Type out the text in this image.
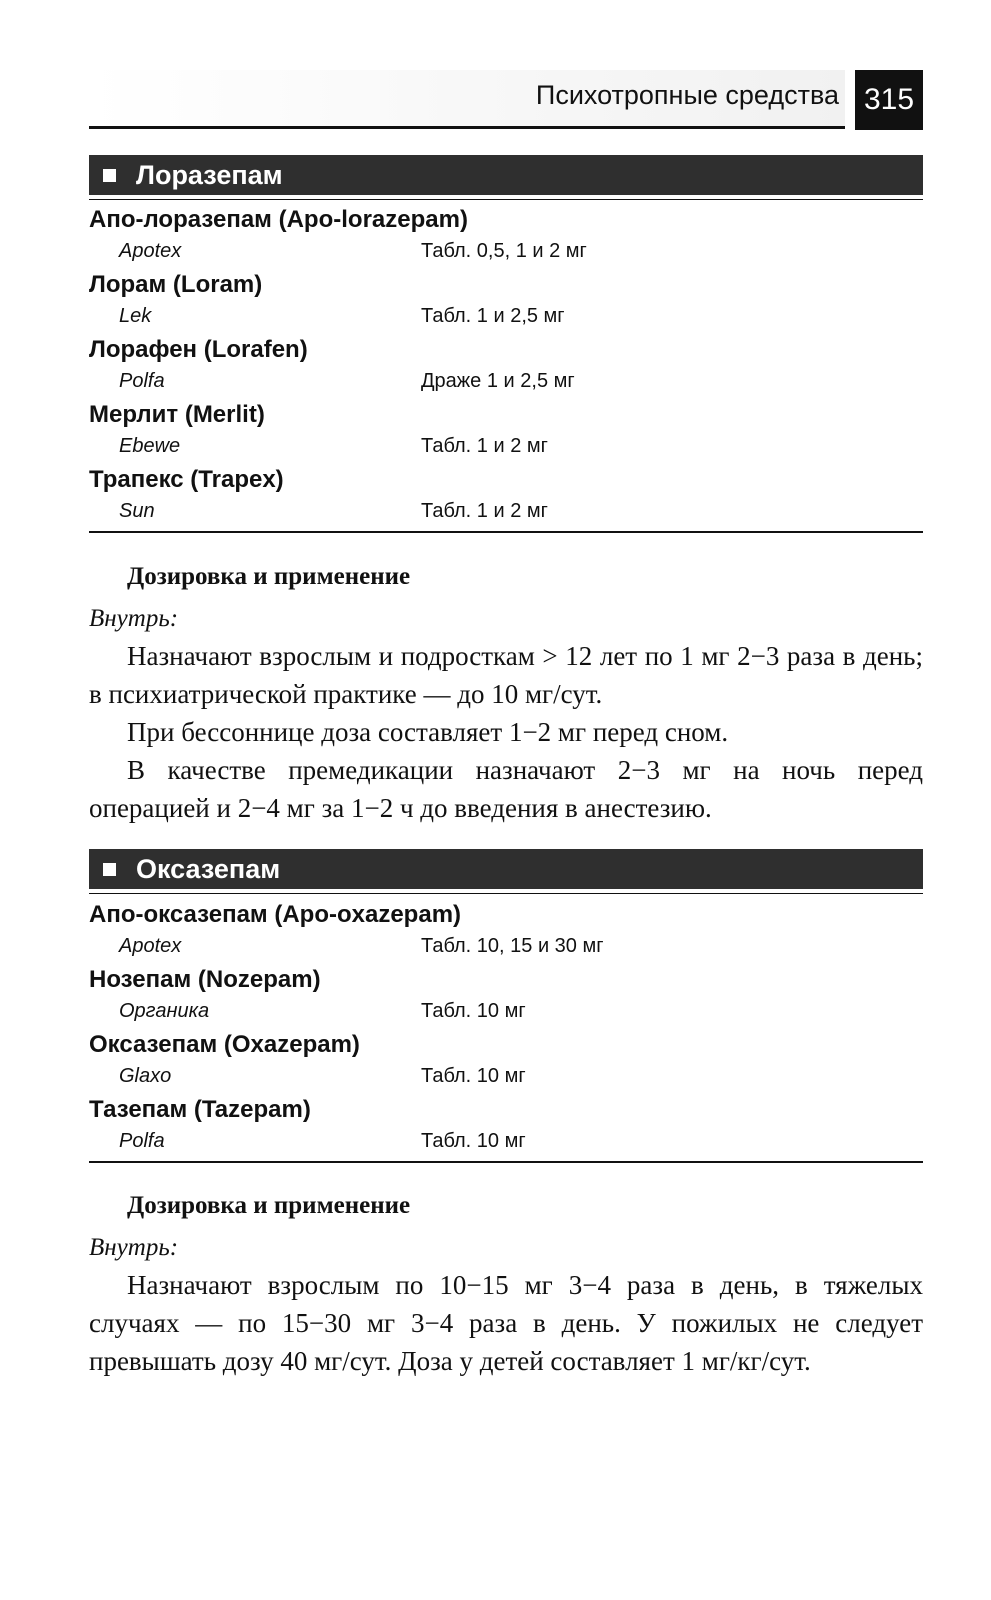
Психотропные средства 315
Лоразепам
Апо-лоразепам (Apo-lorazepam)
Apotex	Табл. 0,5, 1 и 2 мг
Лорам (Loram)
Lek	Табл. 1 и 2,5 мг
Лорафен (Lorafen)
Polfa	Драже 1 и 2,5 мг
Мерлит (Merlit)
Ebewe	Табл. 1 и 2 мг
Трапекс (Trapex)
Sun	Табл. 1 и 2 мг
Дозировка и применение
Внутрь:

Назначают взрослым и подросткам > 12 лет по 1 мг 2−3 раза в день; в психиатрической практике — до 10 мг/сут.

При бессоннице доза составляет 1−2 мг перед сном.

В качестве премедикации назначают 2−3 мг на ночь перед операцией и 2−4 мг за 1−2 ч до введения в анестезию.

Оксазепам
Апо-оксазепам (Apo-oxazepam)
Apotex	Табл. 10, 15 и 30 мг
Нозепам (Nozepam)
Органика	Табл. 10 мг
Оксазепам (Oxazepam)
Glaxo	Табл. 10 мг
Тазепам (Tazepam)
Polfa	Табл. 10 мг
Дозировка и применение
Внутрь:

Назначают взрослым по 10−15 мг 3−4 раза в день, в тяжелых случаях — по 15−30 мг 3−4 раза в день. У пожилых не следует превышать дозу 40 мг/сут. Доза у детей составляет 1 мг/кг/сут.
